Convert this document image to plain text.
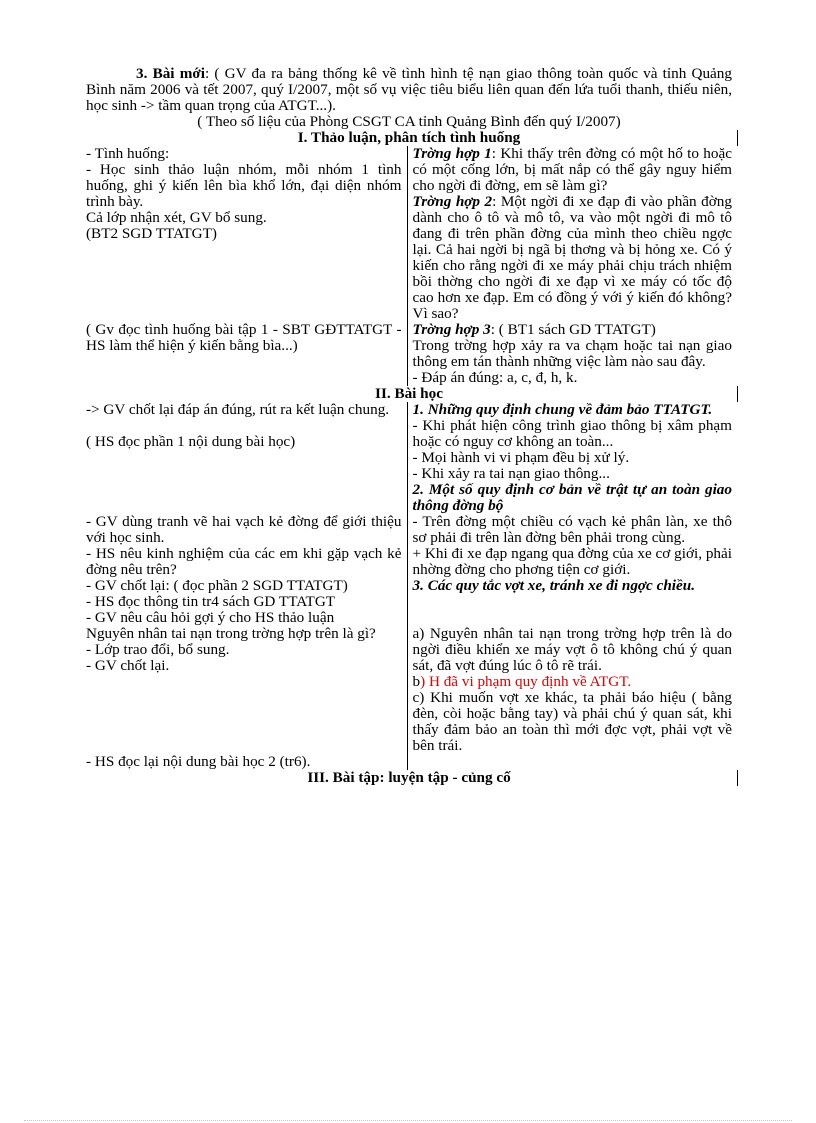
3. Bài mới: ( GV đa ra bảng thống kê về tình hình tệ nạn giao thông toàn quốc và tỉnh Quảng Bình năm 2006 và tết 2007, quý I/2007, một số vụ việc tiêu biểu liên quan đến lứa tuổi thanh, thiếu niên, học sinh -> tầm quan trọng của ATGT...).

( Theo số liệu của Phòng CSGT CA tỉnh Quảng Bình đến quý I/2007)

I. Thảo luận, phân tích tình huống

- Tình huống:

- Học sinh thảo luận nhóm, mỗi nhóm 1 tình huống, ghi ý kiến lên bìa khổ lớn, đại diện nhóm trình bày.

Cả lớp nhận xét, GV bổ sung.

(BT2 SGD TTATGT)

Trờng hợp 1: Khi thấy trên đờng có một hố to hoặc có một cống lớn, bị mất nắp có thể gây nguy hiểm cho ngời đi đờng, em sẽ làm gì?

Trờng hợp 2: Một ngời đi xe đạp đi vào phần đờng dành cho ô tô và mô tô, va vào một ngời đi mô tô đang đi trên phần đờng của mình theo chiều ngợc lại. Cả hai ngời bị ngã bị thơng và bị hỏng xe. Có ý kiến cho rằng ngời đi xe máy phải chịu trách nhiệm bồi thờng cho ngời đi xe đạp vì xe máy có tốc độ cao hơn xe đạp. Em có đồng ý với ý kiến đó không? Vì sao?

( Gv đọc tình huống bài tập 1 - SBT GĐTTATGT - HS làm thể hiện ý kiến bằng bìa...)

Trờng hợp 3: ( BT1 sách GD TTATGT)

Trong trờng hợp xảy ra va chạm hoặc tai nạn giao thông em tán thành những việc làm nào sau đây.

- Đáp án đúng: a, c, đ, h, k.

II. Bài học

-> GV chốt lại đáp án đúng, rút ra kết luận chung.

( HS đọc phần 1 nội dung bài học)

1. Những quy định chung về đảm bảo TTATGT.

- Khi phát hiện công trình giao thông bị xâm phạm hoặc có nguy cơ không an toàn...

- Mọi hành vi vi phạm đều bị xử lý.

- Khi xảy ra tai nạn giao thông...

2. Một số quy định cơ bản về trật tự an toàn giao thông đờng bộ

- GV dùng tranh vẽ hai vạch kẻ đờng để giới thiệu với học sinh.

- HS nêu kinh nghiệm của các em khi gặp vạch kẻ đờng nêu trên?

- GV chốt lại: ( đọc phần 2 SGD TTATGT)

- Trên đờng một chiều có vạch kẻ phân làn, xe thô sơ phải đi trên làn đờng bên phải trong cùng.

+ Khi đi xe đạp ngang qua đờng của xe cơ giới, phải nhờng đờng cho phơng tiện cơ giới.

3. Các quy tắc vợt xe, tránh xe đi ngợc chiều.

- HS đọc thông tin tr4 sách GD TTATGT

- GV nêu câu hỏi gợi ý cho HS thảo luận

Nguyên nhân tai nạn trong trờng hợp trên là gì?

- Lớp trao đổi, bổ sung.

- GV chốt lại.

a) Nguyên nhân tai nạn trong trờng hợp trên là do ngời điều khiển xe máy vợt ô tô không chú ý quan sát, đã vợt đúng lúc ô tô rẽ trái.

b) H đã vi phạm quy định về ATGT.

c) Khi muốn vợt xe khác, ta phải báo hiệu ( bằng đèn, còi hoặc bằng tay) và phải chú ý quan sát, khi thấy đảm bảo an toàn thì mới đợc vợt, phải vợt về bên trái.

- HS đọc lại nội dung bài học 2 (tr6).

III. Bài tập: luyện tập - củng cố
